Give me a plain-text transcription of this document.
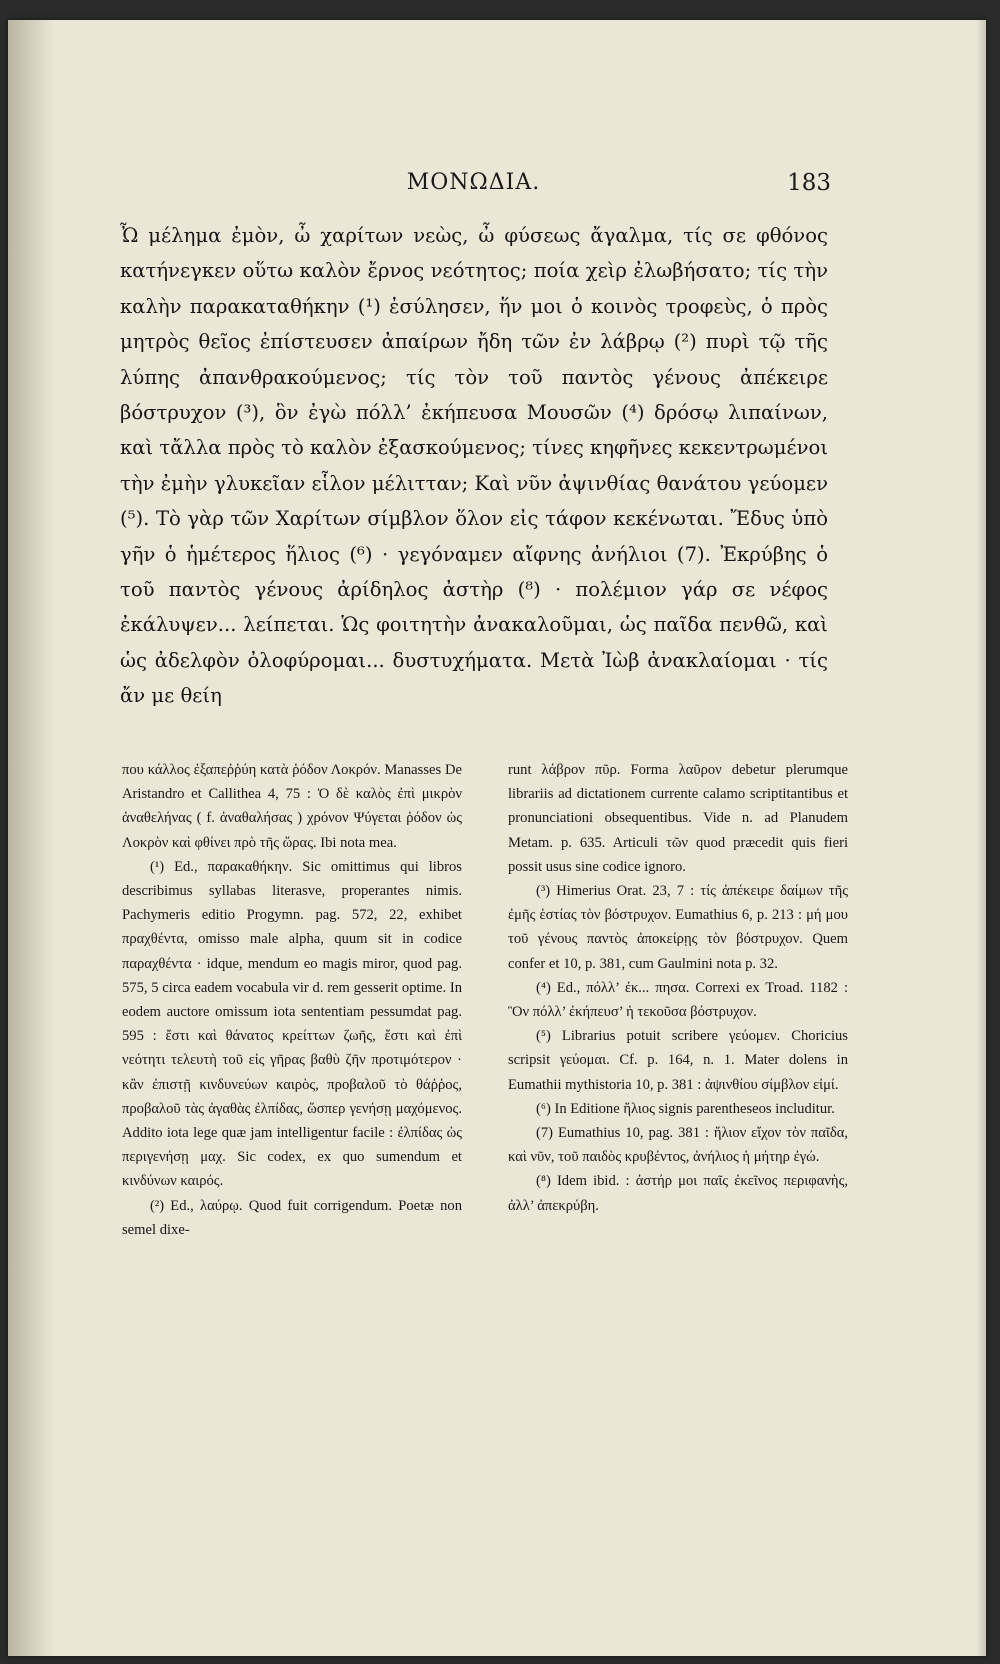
ΜΟΝΩΔΙΑ.	183

Ὦ μέλημα ἐμὸν, ὦ χαρίτων νεὼς, ὦ φύσεως ἄγαλμα, τίς σε φθόνος κατήνεγκεν οὕτω καλὸν ἔρνος νεότητος; ποία χεὶρ ἐλωβήσατο; τίς τὴν καλὴν παρακαταθήκην (¹) ἐσύλησεν, ἥν μοι ὁ κοινὸς τροφεὺς, ὁ πρὸς μητρὸς θεῖος ἐπίστευσεν ἀπαίρων ἤδη τῶν ἐν λάβρῳ (²) πυρὶ τῷ τῆς λύπης ἀπανθρακούμενος; τίς τὸν τοῦ παντὸς γένους ἀπέκειρε βόστρυχον (³), ὃν ἐγὼ πόλλ’ ἐκήπευσα Μουσῶν (⁴) δρόσῳ λιπαίνων, καὶ τἄλλα πρὸς τὸ καλὸν ἐξασκούμενος; τίνες κηφῆνες κεκεντρωμένοι τὴν ἐμὴν γλυκεῖαν εἷλον μέλιτταν; Καὶ νῦν ἀψινθίας θανάτου γεύομεν (⁵). Τὸ γὰρ τῶν Χαρίτων σίμβλον ὅλον εἰς τάφον κεκένωται. Ἔδυς ὑπὸ γῆν ὁ ἡμέτερος ἥλιος (⁶) · γεγόναμεν αἴφνης ἀνήλιοι (7). Ἐκρύβης ὁ τοῦ παντὸς γένους ἀρίδηλος ἀστὴρ (⁸) · πολέμιον γάρ σε νέφος ἐκάλυψεν... λείπεται. Ὡς φοιτητὴν ἀνακαλοῦμαι, ὡς παῖδα πενθῶ, καὶ ὡς ἀδελφὸν ὀλοφύρομαι... δυστυχήματα. Μετὰ Ἰὼβ ἀνακλαίομαι · τίς ἄν με θείη

που κάλλος ἐξαπεῤῥύη κατὰ ῥόδον Λοκρόν. Manasses De Aristandro et Callithea 4, 75 : Ὁ δὲ καλὸς ἐπὶ μικρὸν ἀναθελήνας ( f. ἀναθαλήσας ) χρόνον Ψύγεται ῥόδον ὡς Λοκρὸν καὶ φθίνει πρὸ τῆς ὥρας. Ibi nota mea.

(¹) Ed., παρακαθήκην. Sic omittimus qui libros describimus syllabas literasve, properantes nimis. Pachymeris editio Progymn. pag. 572, 22, exhibet πραχθέντα, omisso male alpha, quum sit in codice παραχθέντα · idque, mendum eo magis miror, quod pag. 575, 5 circa eadem vocabula vir d. rem gesserit optime. In eodem auctore omissum iota sententiam pessumdat pag. 595 : ἔστι καὶ θάνατος κρείττων ζωῆς, ἔστι καὶ ἐπὶ νεότητι τελευτὴ τοῦ εἰς γῆρας βαθὺ ζῆν προτιμότερον · κἂν ἐπιστῇ κινδυνεύων καιρὸς, προβαλοῦ τὸ θάῤῥος, προβαλοῦ τὰς ἀγαθὰς ἐλπίδας, ὥσπερ γενήσῃ μαχόμενος. Addito iota lege quæ jam intelligentur facile : ἐλπίδας ὡς περιγενήσῃ μαχ. Sic codex, ex quo sumendum et κινδύνων καιρός.

(²) Ed., λαύρῳ. Quod fuit corrigendum. Poetæ non semel dixe-

runt λάβρον πῦρ. Forma λαῦρον debetur plerumque librariis ad dictationem currente calamo scriptitantibus et pronunciationi obsequentibus. Vide n. ad Planudem Metam. p. 635. Articuli τῶν quod præcedit quis fieri possit usus sine codice ignoro.

(³) Himerius Orat. 23, 7 : τίς ἀπέκειρε δαίμων τῆς ἐμῆς ἑστίας τὸν βόστρυχον. Eumathius 6, p. 213 : μή μου τοῦ γένους παντὸς ἀποκείρῃς τὸν βόστρυχον. Quem confer et 10, p. 381, cum Gaulmini nota p. 32.

(⁴) Ed., πόλλ’ ἐκ... πησα. Correxi ex Troad. 1182 : Ὃν πόλλ’ ἐκήπευσ’ ἡ τεκοῦσα βόστρυχον.

(⁵) Librarius potuit scribere γεύομεν. Choricius scripsit γεύομαι. Cf. p. 164, n. 1. Mater dolens in Eumathii mythistoria 10, p. 381 : ἀψινθίου σίμβλον εἰμί.

(⁶) In Editione ἥλιος signis parentheseos includitur.

(7) Eumathius 10, pag. 381 : ἥλιον εἴχον τὸν παῖδα, καὶ νῦν, τοῦ παιδὸς κρυβέντος, ἀνήλιος ἡ μήτηρ ἐγώ.

(⁸) Idem ibid. : ἀστήρ μοι παῖς ἐκεῖνος περιφανὴς, ἀλλ’ ἀπεκρύβη.
